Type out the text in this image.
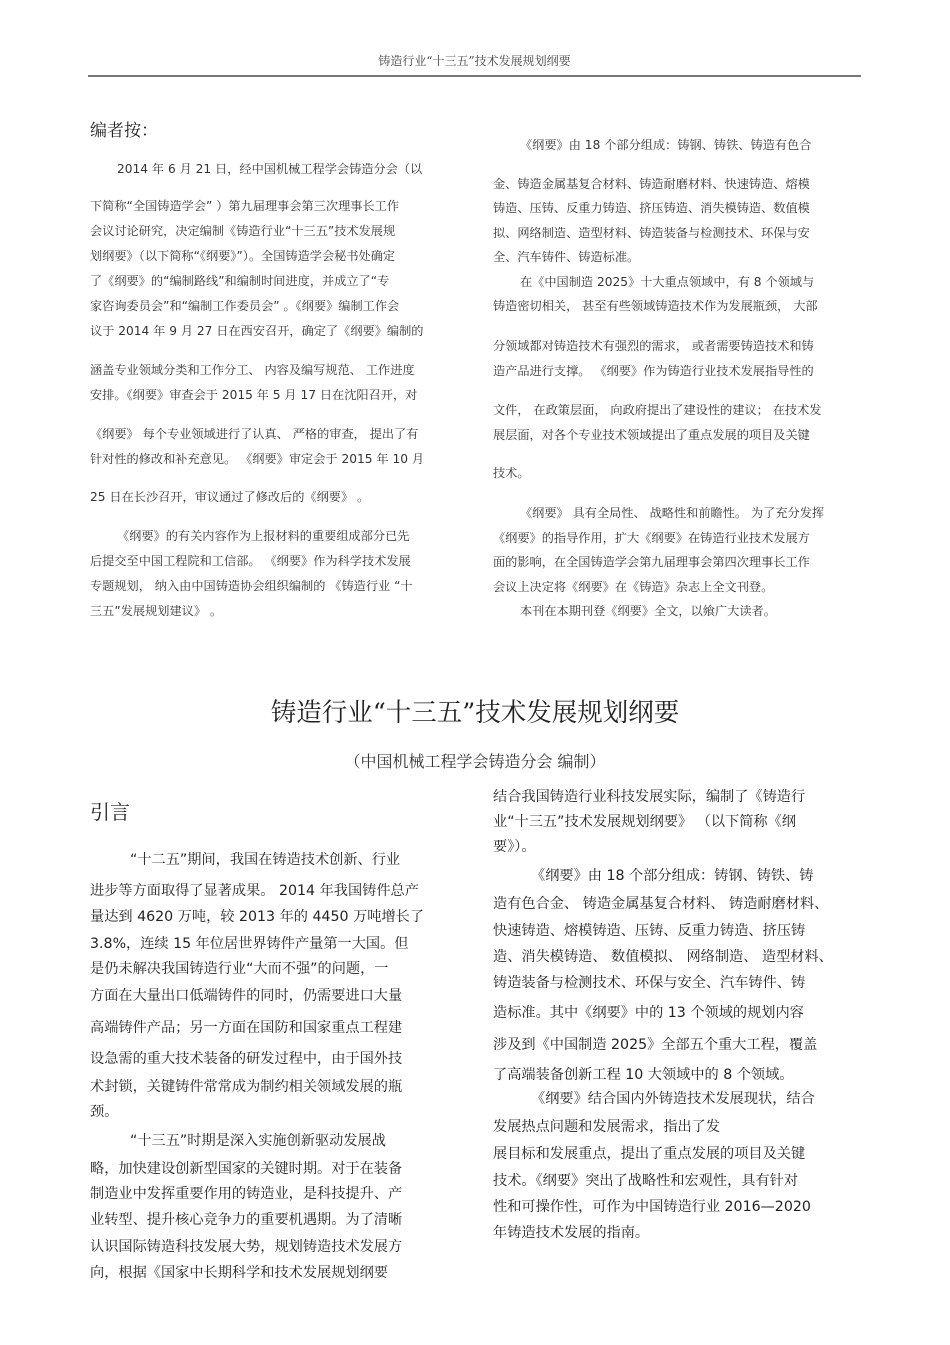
铸造行业“十三五”技术发展规划纲要
编者按：
2014 年 6 月 21 日，经中国机械工程学会铸造分会（以
下简称“全国铸造学会” ）第九届理事会第三次理事长工作
会议讨论研究，决定编制《铸造行业“十三五”技术发展规
划纲要》（以下简称“《纲要》”）。全国铸造学会秘书处确定
了《纲要》的“编制路线”和编制时间进度，并成立了“专
家咨询委员会”和“编制工作委员会” 。《纲要》编制工作会
议于 2014 年 9 月 27 日在西安召开，确定了《纲要》编制的
涵盖专业领域分类和工作分工、 内容及编写规范、 工作进度
安排。《纲要》审查会于 2015 年 5 月 17 日在沈阳召开，对
《纲要》 每个专业领域进行了认真、 严格的审查， 提出了有
针对性的修改和补充意见。 《纲要》审定会于 2015 年 10 月
25 日在长沙召开，审议通过了修改后的《纲要》 。
《纲要》的有关内容作为上报材料的重要组成部分已先
后提交至中国工程院和工信部。 《纲要》作为科学技术发展
专题规划， 纳入由中国铸造协会组织编制的 《铸造行业 “十
三五”发展规划建议》 。
《纲要》由 18 个部分组成：铸钢、铸铁、铸造有色合
金、铸造金属基复合材料、铸造耐磨材料、快速铸造、熔模
铸造、压铸、反重力铸造、挤压铸造、消失模铸造、数值模
拟、网络制造、造型材料、铸造装备与检测技术、环保与安
全、汽车铸件、铸造标准。
在《中国制造 2025》十大重点领域中，有 8 个领域与
铸造密切相关， 甚至有些领域铸造技术作为发展瓶颈， 大部
分领域都对铸造技术有强烈的需求， 或者需要铸造技术和铸
造产品进行支撑。 《纲要》作为铸造行业技术发展指导性的
文件， 在政策层面， 向政府提出了建设性的建议； 在技术发
展层面，对各个专业技术领域提出了重点发展的项目及关键
技术。
《纲要》 具有全局性、 战略性和前瞻性。 为了充分发挥
《纲要》的指导作用，扩大《纲要》在铸造行业技术发展方
面的影响，在全国铸造学会第九届理事会第四次理事长工作
会议上决定将《纲要》在《铸造》杂志上全文刊登。
本刊在本期刊登《纲要》全文，以飨广大读者。
铸造行业“十三五”技术发展规划纲要
（中国机械工程学会铸造分会 编制）
引言
“十二五”期间，我国在铸造技术创新、行业
进步等方面取得了显著成果。 2014 年我国铸件总产
量达到 4620 万吨，较 2013 年的 4450 万吨增长了
3.8%，连续 15 年位居世界铸件产量第一大国。但
是仍未解决我国铸造行业“大而不强”的问题，一
方面在大量出口低端铸件的同时，仍需要进口大量
高端铸件产品；另一方面在国防和国家重点工程建
设急需的重大技术装备的研发过程中，由于国外技
术封锁，关键铸件常常成为制约相关领域发展的瓶
颈。
“十三五”时期是深入实施创新驱动发展战
略，加快建设创新型国家的关键时期。对于在装备
制造业中发挥重要作用的铸造业，是科技提升、产
业转型、提升核心竞争力的重要机遇期。为了清晰
认识国际铸造科技发展大势，规划铸造技术发展方
向，根据《国家中长期科学和技术发展规划纲要
结合我国铸造行业科技发展实际，编制了《铸造行
业“十三五”技术发展规划纲要》 （以下简称《纲
要》）。
《纲要》由 18 个部分组成：铸钢、铸铁、铸
造有色合金、 铸造金属基复合材料、 铸造耐磨材料、
快速铸造、熔模铸造、压铸、反重力铸造、挤压铸
造、消失模铸造、 数值模拟、 网络制造、 造型材料、
铸造装备与检测技术、环保与安全、汽车铸件、铸
造标准。其中《纲要》中的 13 个领域的规划内容
涉及到《中国制造 2025》全部五个重大工程，覆盖
了高端装备创新工程 10 大领域中的 8 个领域。
《纲要》结合国内外铸造技术发展现状，结合
发展热点问题和发展需求，指出了发
展目标和发展重点，提出了重点发展的项目及关键
技术。《纲要》突出了战略性和宏观性，具有针对
性和可操作性，可作为中国铸造行业 2016—2020
年铸造技术发展的指南。
